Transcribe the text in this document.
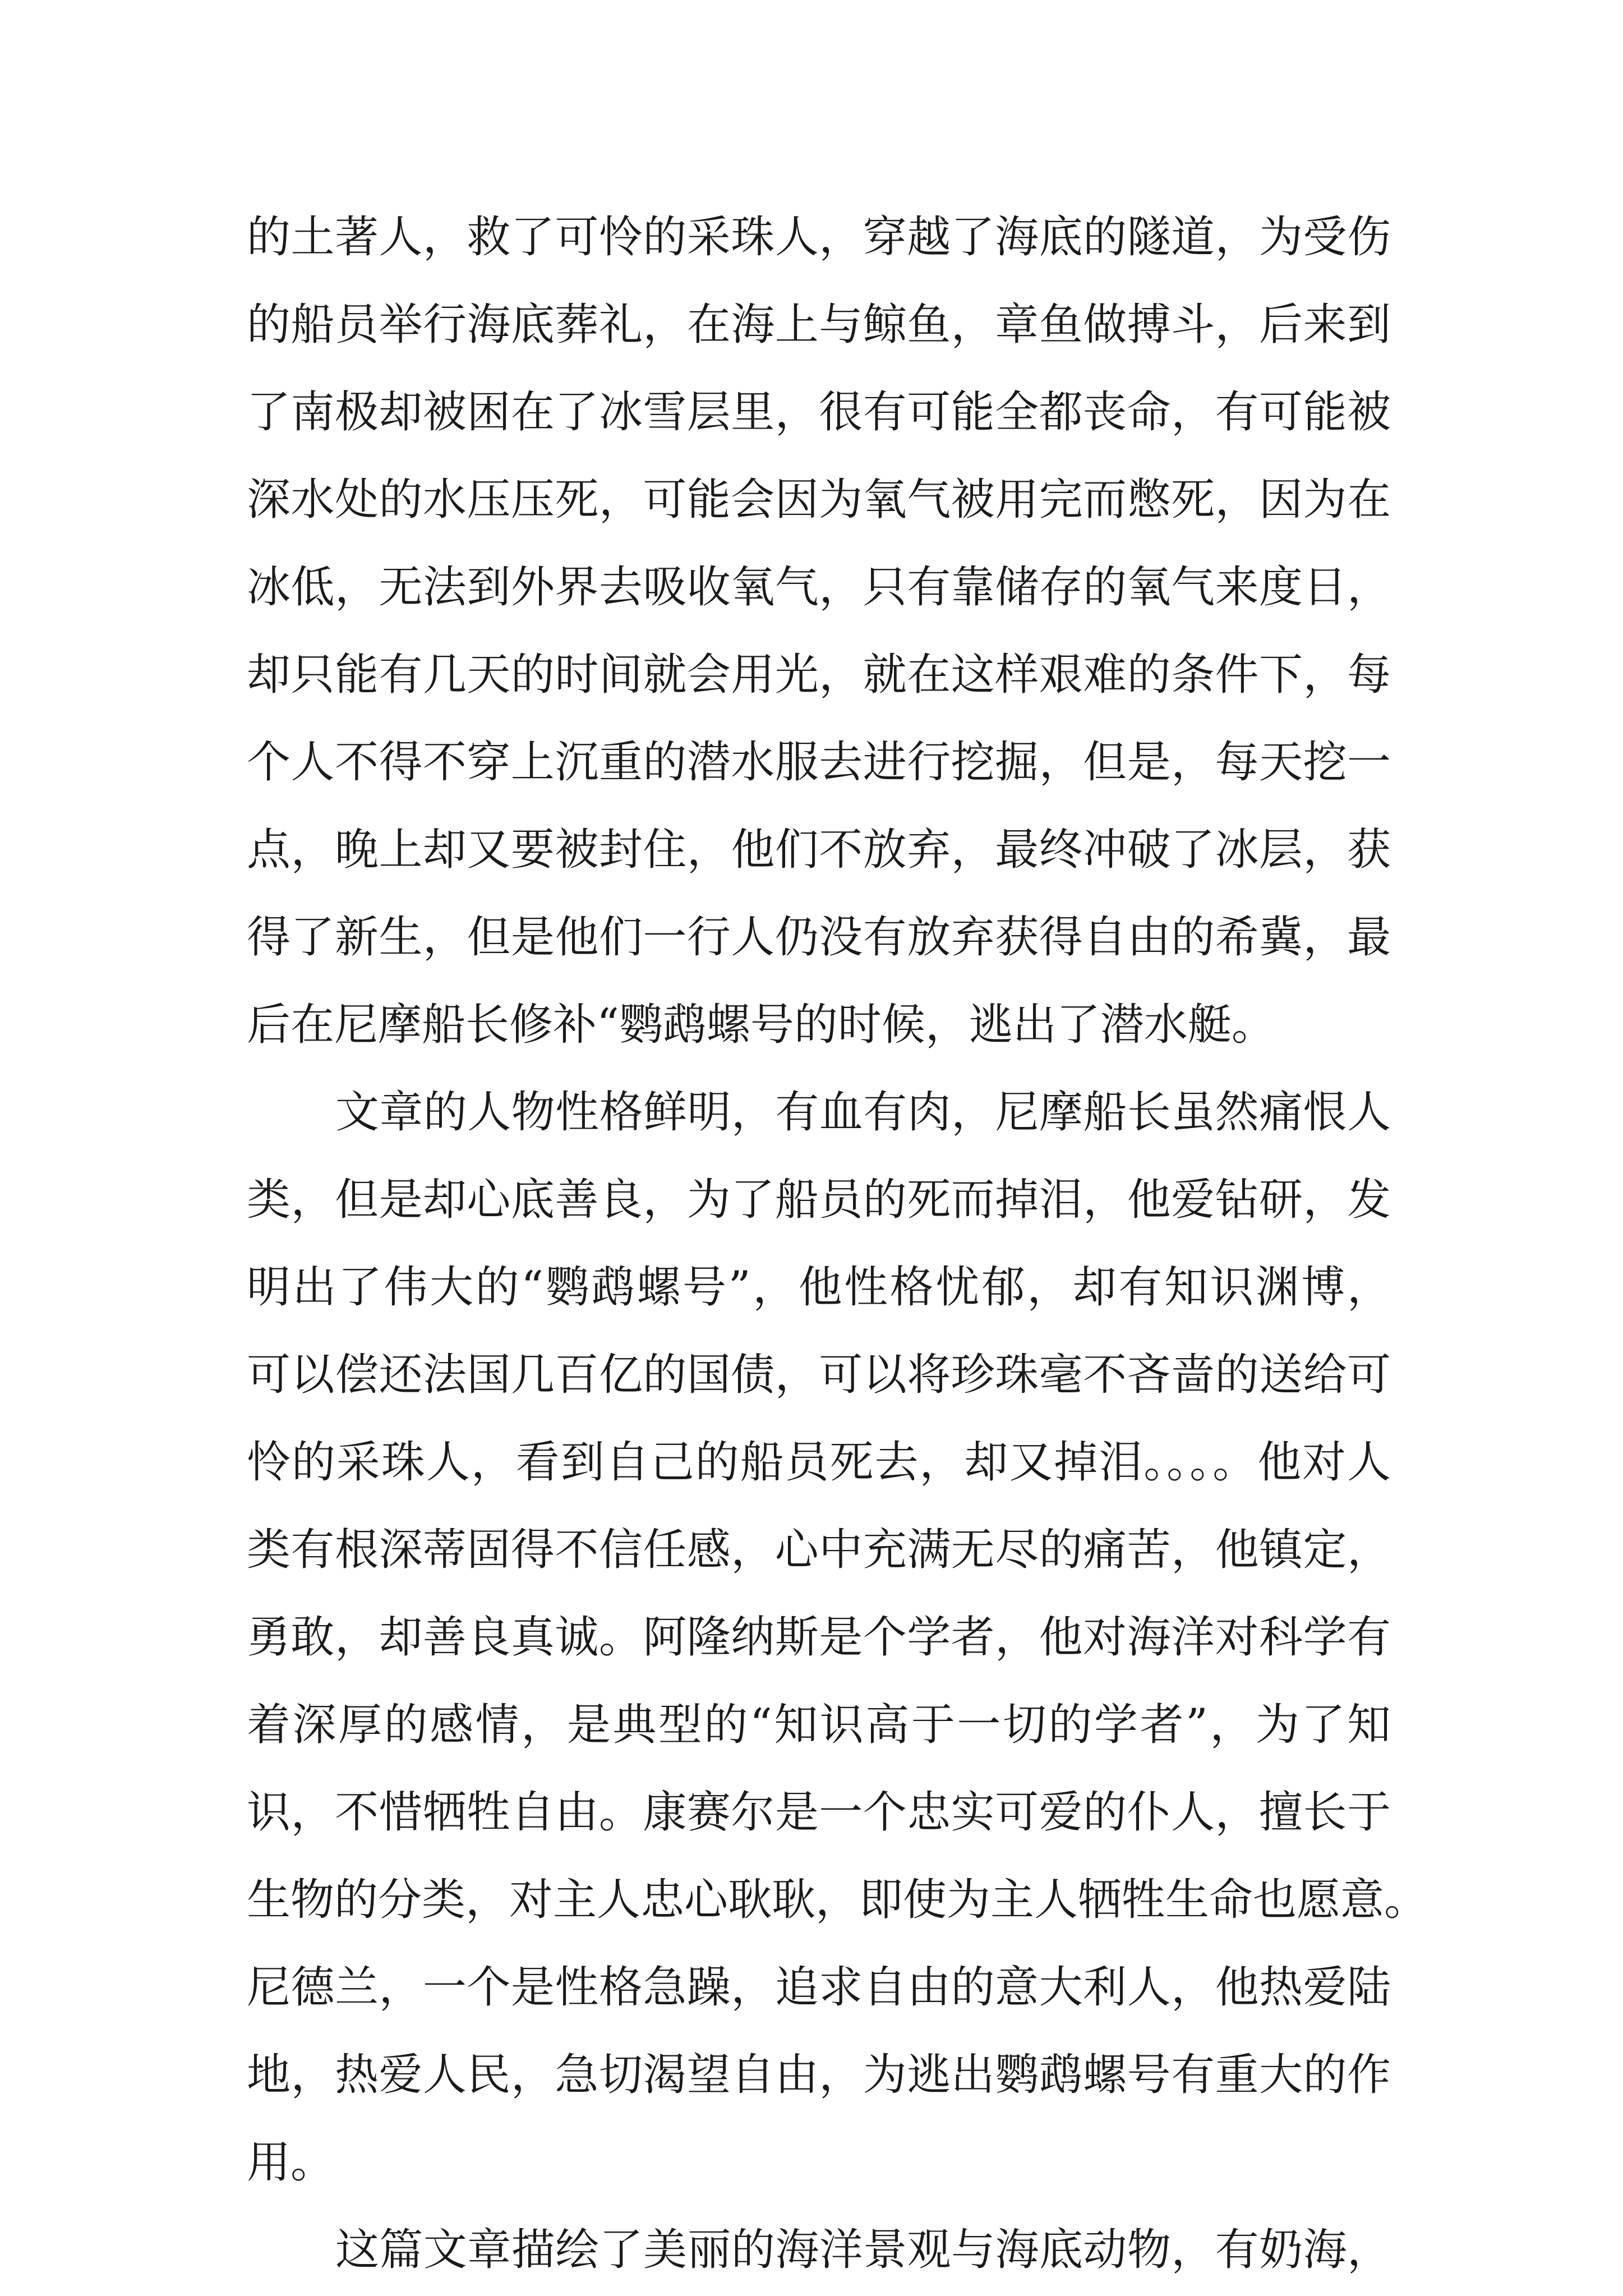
的土著人，救了可怜的采珠人，穿越了海底的隧道，为受伤
的船员举行海底葬礼，在海上与鲸鱼，章鱼做搏斗，后来到
了南极却被困在了冰雪层里，很有可能全都丧命，有可能被
深水处的水压压死，可能会因为氧气被用完而憋死，因为在
冰低，无法到外界去吸收氧气，只有靠储存的氧气来度日，
却只能有几天的时间就会用光，就在这样艰难的条件下，每
个人不得不穿上沉重的潜水服去进行挖掘，但是，每天挖一
点，晚上却又要被封住，他们不放弃，最终冲破了冰层，获
得了新生，但是他们一行人仍没有放弃获得自由的希冀，最
后在尼摩船长修补“鹦鹉螺号的时候，逃出了潜水艇。
文章的人物性格鲜明，有血有肉，尼摩船长虽然痛恨人
类，但是却心底善良，为了船员的死而掉泪，他爱钻研，发
明出了伟大的“鹦鹉螺号”，他性格忧郁，却有知识渊博，
可以偿还法国几百亿的国债，可以将珍珠毫不吝啬的送给可
怜的采珠人，看到自己的船员死去，却又掉泪。。。。他对人
类有根深蒂固得不信任感，心中充满无尽的痛苦，他镇定，
勇敢，却善良真诚。阿隆纳斯是个学者，他对海洋对科学有
着深厚的感情，是典型的“知识高于一切的学者”，为了知
识，不惜牺牲自由。康赛尔是一个忠实可爱的仆人，擅长于
生物的分类，对主人忠心耿耿，即使为主人牺牲生命也愿意。
尼德兰，一个是性格急躁，追求自由的意大利人，他热爱陆
地，热爱人民，急切渴望自由，为逃出鹦鹉螺号有重大的作
用。
这篇文章描绘了美丽的海洋景观与海底动物，有奶海，
